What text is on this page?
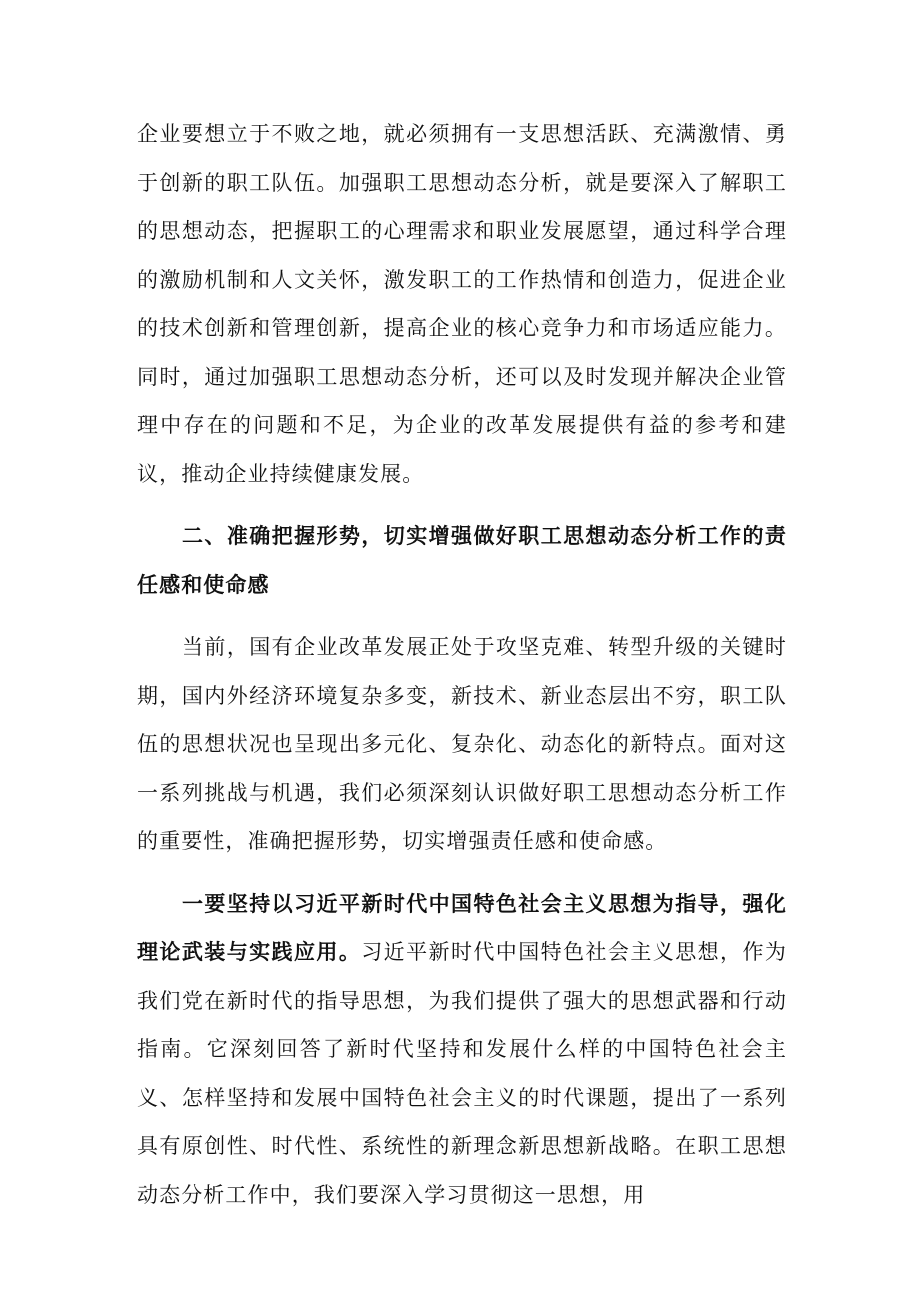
企业要想立于不败之地，就必须拥有一支思想活跃、充满激情、勇于创新的职工队伍。加强职工思想动态分析，就是要深入了解职工的思想动态，把握职工的心理需求和职业发展愿望，通过科学合理的激励机制和人文关怀，激发职工的工作热情和创造力，促进企业的技术创新和管理创新，提高企业的核心竞争力和市场适应能力。同时，通过加强职工思想动态分析，还可以及时发现并解决企业管理中存在的问题和不足，为企业的改革发展提供有益的参考和建议，推动企业持续健康发展。

二、准确把握形势，切实增强做好职工思想动态分析工作的责任感和使命感

当前，国有企业改革发展正处于攻坚克难、转型升级的关键时期，国内外经济环境复杂多变，新技术、新业态层出不穷，职工队伍的思想状况也呈现出多元化、复杂化、动态化的新特点。面对这一系列挑战与机遇，我们必须深刻认识做好职工思想动态分析工作的重要性，准确把握形势，切实增强责任感和使命感。

一要坚持以习近平新时代中国特色社会主义思想为指导，强化理论武装与实践应用。习近平新时代中国特色社会主义思想，作为我们党在新时代的指导思想，为我们提供了强大的思想武器和行动指南。它深刻回答了新时代坚持和发展什么样的中国特色社会主义、怎样坚持和发展中国特色社会主义的时代课题，提出了一系列具有原创性、时代性、系统性的新理念新思想新战略。在职工思想动态分析工作中，我们要深入学习贯彻这一思想，用
